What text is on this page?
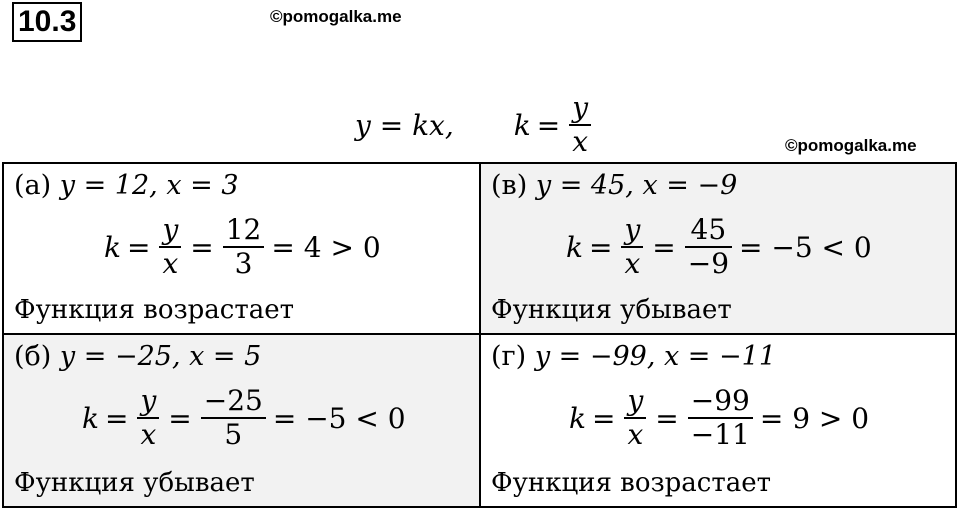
10.3	©pomogalka.me
©pomogalka.me
y = kx, $k = \frac{y}{x}$
(а) y = 12, x = 3
$k = \frac{y}{x} = \frac{12}{3} = 4 > 0$
Функция возрастает
(в) y = 45, x = −9
$k = \frac{y}{x} = \frac{45}{-9} = -5 < 0$
Функция убывает
(б) y = −25, x = 5
$k = \frac{y}{x} = \frac{-25}{5} = -5 < 0$
Функция убывает
(г) y = −99, x = −11
$k = \frac{y}{x} = \frac{-99}{-11} = 9 > 0$
Функция возрастает
